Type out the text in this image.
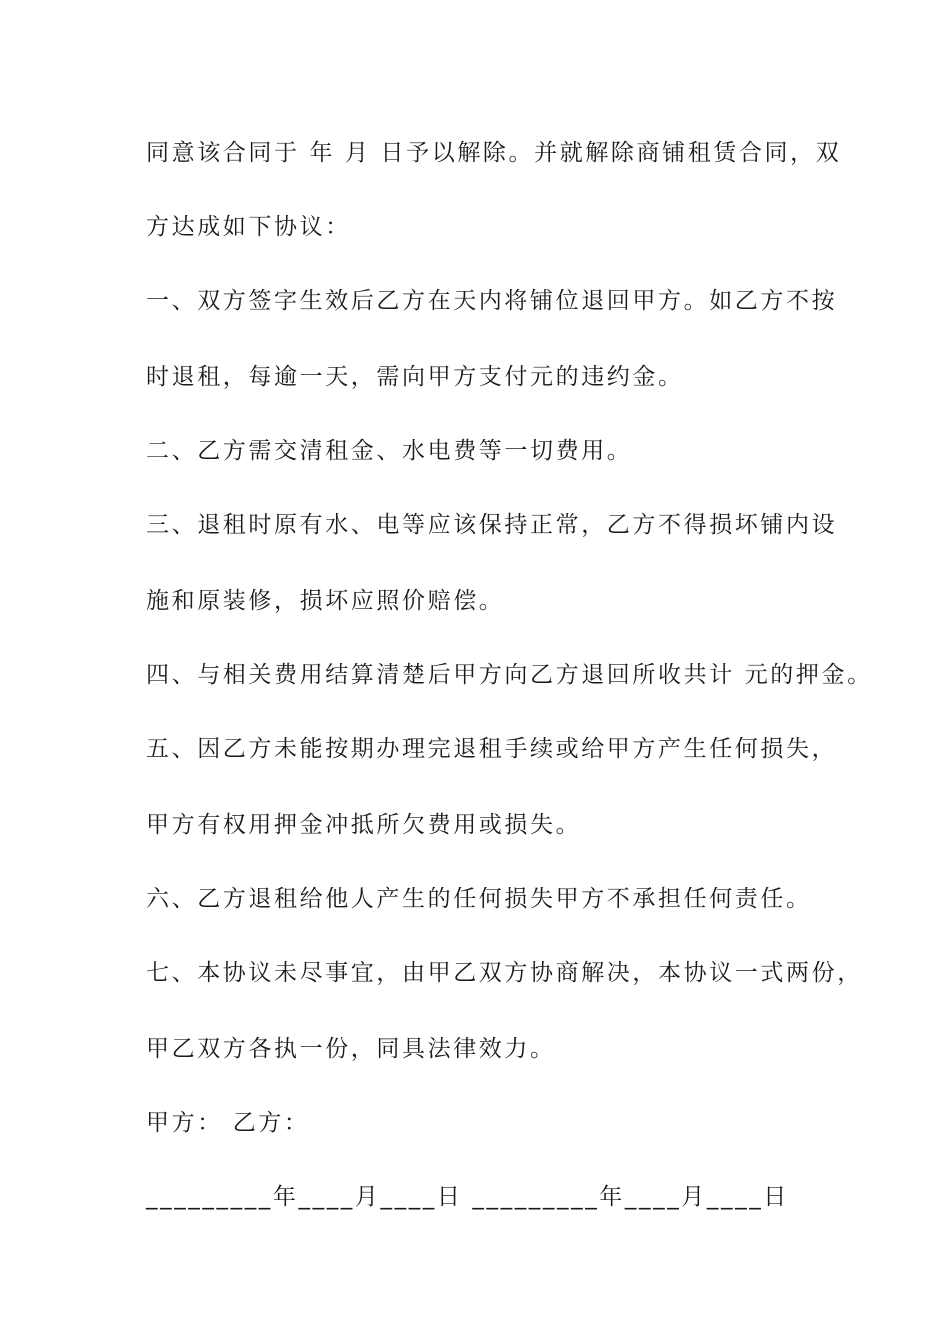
同意该合同于 年 月 日予以解除。并就解除商铺租赁合同，双
方达成如下协议：
一、双方签字生效后乙方在天内将铺位退回甲方。如乙方不按
时退租，每逾一天，需向甲方支付元的违约金。
二、乙方需交清租金、水电费等一切费用。
三、退租时原有水、电等应该保持正常，乙方不得损坏铺内设
施和原装修，损坏应照价赔偿。
四、与相关费用结算清楚后甲方向乙方退回所收共计 元的押金。
五、因乙方未能按期办理完退租手续或给甲方产生任何损失，
甲方有权用押金冲抵所欠费用或损失。
六、乙方退租给他人产生的任何损失甲方不承担任何责任。
七、本协议未尽事宜，由甲乙双方协商解决，本协议一式两份，
甲乙双方各执一份，同具法律效力。
甲方： 乙方：
_________年____月____日 _________年____月____日
